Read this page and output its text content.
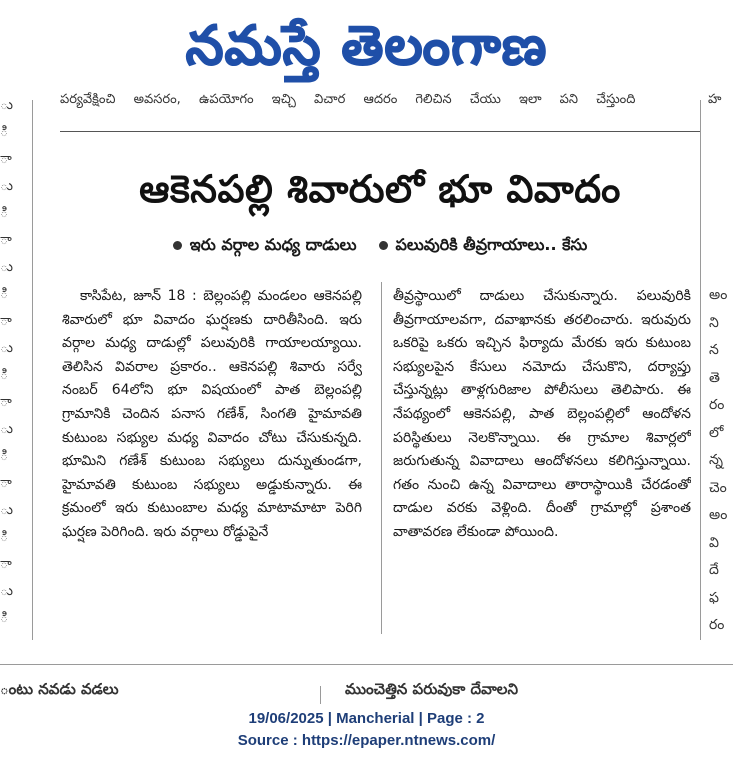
నమస్తే తెలంగాణ
పర్యవేక్షించి అవసరం, ఉపయోగం ఇచ్చి విచార ఆదరం గెలిచిన చేయు ఇలా పని చేస్తుంది	హ
ు
ి
ా
ు
ి
ా
ు
ి
ా
ు
ి
ా
ు
ి
ా
ు
ి
ా
ు
ి
అం
ని
న
తె
రం
లో
న్న
చెం
అం
వి
దే
ఫ
రం
ఆకెనపల్లి శివారులో భూ వివాదం
ఇరు వర్గాల మధ్య దాడులు	పలువురికి తీవ్రగాయాలు.. కేసు

కాసిపేట, జూన్ 18 : బెల్లంపల్లి మండలం ఆకెనపల్లి శివారులో భూ వివాదం ఘర్షణకు దారితీసింది. ఇరు వర్గాల మధ్య దాడుల్లో పలువురికి గాయాలయ్యాయి. తెలిసిన వివరాల ప్రకారం.. ఆకెనపల్లి శివారు సర్వే నంబర్ 64లోని భూ విషయంలో పాత బెల్లంపల్లి గ్రామానికి చెందిన పనాస గణేశ్, సింగతి హైమావతి కుటుంబ సభ్యుల మధ్య వివాదం చోటు చేసుకున్నది. భూమిని గణేశ్ కుటుంబ సభ్యులు దున్నుతుండగా, హైమావతి కుటుంబ సభ్యులు అడ్డుకున్నారు. ఈ క్రమంలో ఇరు కుటుంబాల మధ్య మాటామాటా పెరిగి ఘర్షణ పెరిగింది. ఇరు వర్గాలు రోడ్డుపైనే

తీవ్రస్థాయిలో దాడులు చేసుకున్నారు. పలువురికి తీవ్రగాయాలవగా, దవాఖానకు తరలించారు. ఇరువురు ఒకరిపై ఒకరు ఇచ్చిన ఫిర్యాదు మేరకు ఇరు కుటుంబ సభ్యులపైన కేసులు నమోదు చేసుకొని, దర్యాప్తు చేస్తున్నట్లు తాళ్లగురిజాల పోలీసులు తెలిపారు. ఈ నేపథ్యంలో ఆకెనపల్లి, పాత బెల్లంపల్లిలో ఆందోళన పరిస్థితులు నెలకొన్నాయి. ఈ గ్రామాల శివార్లలో జరుగుతున్న వివాదాలు ఆందోళనలు కలిగిస్తున్నాయి. గతం నుంచి ఉన్న వివాదాలు తారాస్థాయికి చేరడంతో దాడుల వరకు వెళ్లింది. దీంతో గ్రామాల్లో ప్రశాంత వాతావరణ లేకుండా పోయింది.

ంటు నవడు వడలు	ముంచెత్తిన పరువుకా దేవాలని
19/06/2025 | Mancherial | Page : 2
Source : https://epaper.ntnews.com/
